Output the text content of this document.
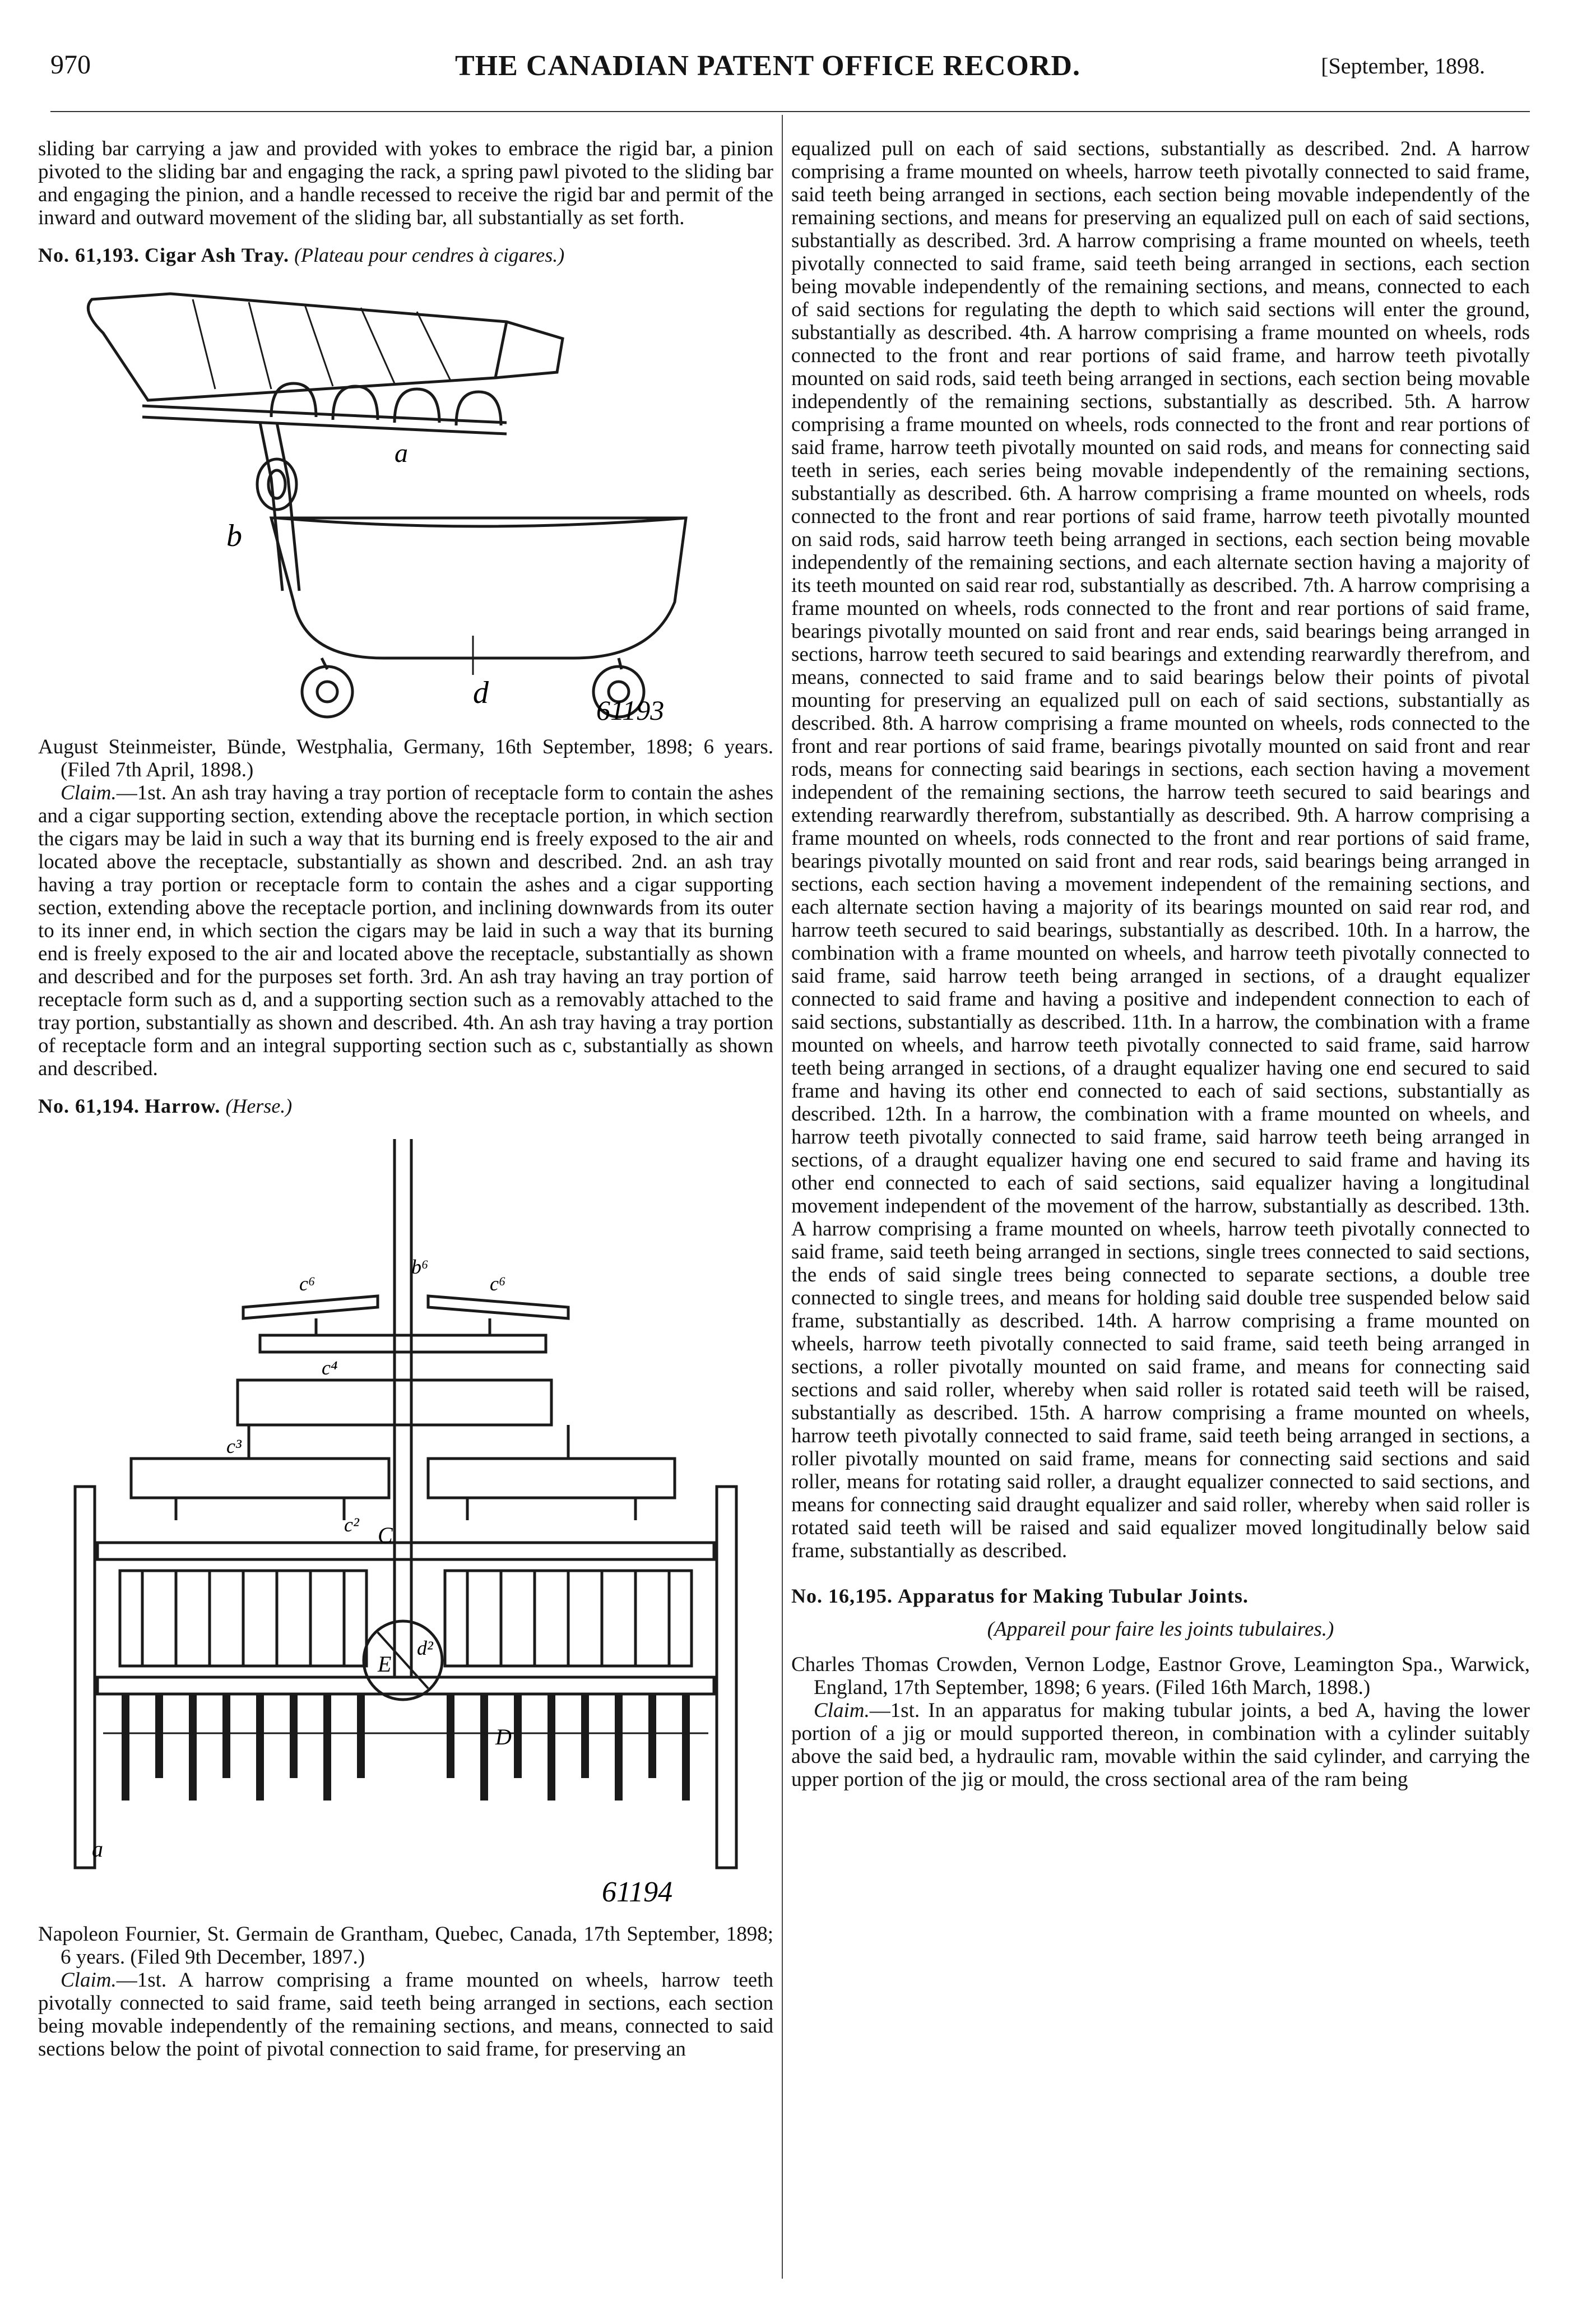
970	THE CANADIAN PATENT OFFICE RECORD.	[September, 1898.

sliding bar carrying a jaw and provided with yokes to embrace the rigid bar, a pinion pivoted to the sliding bar and engaging the rack, a spring pawl pivoted to the sliding bar and engaging the pinion, and a handle recessed to receive the rigid bar and permit of the inward and outward movement of the sliding bar, all substantially as set forth.

No. 61,193. Cigar Ash Tray. (Plateau pour cendres à cigares.)

a
b
d	61193

August Steinmeister, Bünde, Westphalia, Germany, 16th September, 1898; 6 years. (Filed 7th April, 1898.)

Claim.—1st. An ash tray having a tray portion of receptacle form to contain the ashes and a cigar supporting section, extending above the receptacle portion, in which section the cigars may be laid in such a way that its burning end is freely exposed to the air and located above the receptacle, substantially as shown and described. 2nd. an ash tray having a tray portion or receptacle form to contain the ashes and a cigar supporting section, extending above the receptacle portion, and inclining downwards from its outer to its inner end, in which section the cigars may be laid in such a way that its burning end is freely exposed to the air and located above the receptacle, substantially as shown and described and for the purposes set forth. 3rd. An ash tray having an tray portion of receptacle form such as d, and a supporting section such as a removably attached to the tray portion, substantially as shown and described. 4th. An ash tray having a tray portion of receptacle form and an integral supporting section such as c, substantially as shown and described.

No. 61,194. Harrow. (Herse.)

b⁶
c⁶	c⁶
c⁴
c³
c² C
d²
E
D
a
61194

Napoleon Fournier, St. Germain de Grantham, Quebec, Canada, 17th September, 1898; 6 years. (Filed 9th December, 1897.)

Claim.—1st. A harrow comprising a frame mounted on wheels, harrow teeth pivotally connected to said frame, said teeth being arranged in sections, each section being movable independently of the remaining sections, and means, connected to said sections below the point of pivotal connection to said frame, for preserving an

equalized pull on each of said sections, substantially as described. 2nd. A harrow comprising a frame mounted on wheels, harrow teeth pivotally connected to said frame, said teeth being arranged in sections, each section being movable independently of the remaining sections, and means for preserving an equalized pull on each of said sections, substantially as described. 3rd. A harrow comprising a frame mounted on wheels, teeth pivotally connected to said frame, said teeth being arranged in sections, each section being movable independently of the remaining sections, and means, connected to each of said sections for regulating the depth to which said sections will enter the ground, substantially as described. 4th. A harrow comprising a frame mounted on wheels, rods connected to the front and rear portions of said frame, and harrow teeth pivotally mounted on said rods, said teeth being arranged in sections, each section being movable independently of the remaining sections, substantially as described. 5th. A harrow comprising a frame mounted on wheels, rods connected to the front and rear portions of said frame, harrow teeth pivotally mounted on said rods, and means for connecting said teeth in series, each series being movable independently of the remaining sections, substantially as described. 6th. A harrow comprising a frame mounted on wheels, rods connected to the front and rear portions of said frame, harrow teeth pivotally mounted on said rods, said harrow teeth being arranged in sections, each section being movable independently of the remaining sections, and each alternate section having a majority of its teeth mounted on said rear rod, substantially as described. 7th. A harrow comprising a frame mounted on wheels, rods connected to the front and rear portions of said frame, bearings pivotally mounted on said front and rear ends, said bearings being arranged in sections, harrow teeth secured to said bearings and extending rearwardly therefrom, and means, connected to said frame and to said bearings below their points of pivotal mounting for preserving an equalized pull on each of said sections, substantially as described. 8th. A harrow comprising a frame mounted on wheels, rods connected to the front and rear portions of said frame, bearings pivotally mounted on said front and rear rods, means for connecting said bearings in sections, each section having a movement independent of the remaining sections, the harrow teeth secured to said bearings and extending rearwardly therefrom, substantially as described. 9th. A harrow comprising a frame mounted on wheels, rods connected to the front and rear portions of said frame, bearings pivotally mounted on said front and rear rods, said bearings being arranged in sections, each section having a movement independent of the remaining sections, and each alternate section having a majority of its bearings mounted on said rear rod, and harrow teeth secured to said bearings, substantially as described. 10th. In a harrow, the combination with a frame mounted on wheels, and harrow teeth pivotally connected to said frame, said harrow teeth being arranged in sections, of a draught equalizer connected to said frame and having a positive and independent connection to each of said sections, substantially as described. 11th. In a harrow, the combination with a frame mounted on wheels, and harrow teeth pivotally connected to said frame, said harrow teeth being arranged in sections, of a draught equalizer having one end secured to said frame and having its other end connected to each of said sections, substantially as described. 12th. In a harrow, the combination with a frame mounted on wheels, and harrow teeth pivotally connected to said frame, said harrow teeth being arranged in sections, of a draught equalizer having one end secured to said frame and having its other end connected to each of said sections, said equalizer having a longitudinal movement independent of the movement of the harrow, substantially as described. 13th. A harrow comprising a frame mounted on wheels, harrow teeth pivotally connected to said frame, said teeth being arranged in sections, single trees connected to said sections, the ends of said single trees being connected to separate sections, a double tree connected to single trees, and means for holding said double tree suspended below said frame, substantially as described. 14th. A harrow comprising a frame mounted on wheels, harrow teeth pivotally connected to said frame, said teeth being arranged in sections, a roller pivotally mounted on said frame, and means for connecting said sections and said roller, whereby when said roller is rotated said teeth will be raised, substantially as described. 15th. A harrow comprising a frame mounted on wheels, harrow teeth pivotally connected to said frame, said teeth being arranged in sections, a roller pivotally mounted on said frame, means for connecting said sections and said roller, means for rotating said roller, a draught equalizer connected to said sections, and means for connecting said draught equalizer and said roller, whereby when said roller is rotated said teeth will be raised and said equalizer moved longitudinally below said frame, substantially as described.

No. 16,195. Apparatus for Making Tubular Joints.

(Appareil pour faire les joints tubulaires.)

Charles Thomas Crowden, Vernon Lodge, Eastnor Grove, Leamington Spa., Warwick, England, 17th September, 1898; 6 years. (Filed 16th March, 1898.)

Claim.—1st. In an apparatus for making tubular joints, a bed A, having the lower portion of a jig or mould supported thereon, in combination with a cylinder suitably above the said bed, a hydraulic ram, movable within the said cylinder, and carrying the upper portion of the jig or mould, the cross sectional area of the ram being
